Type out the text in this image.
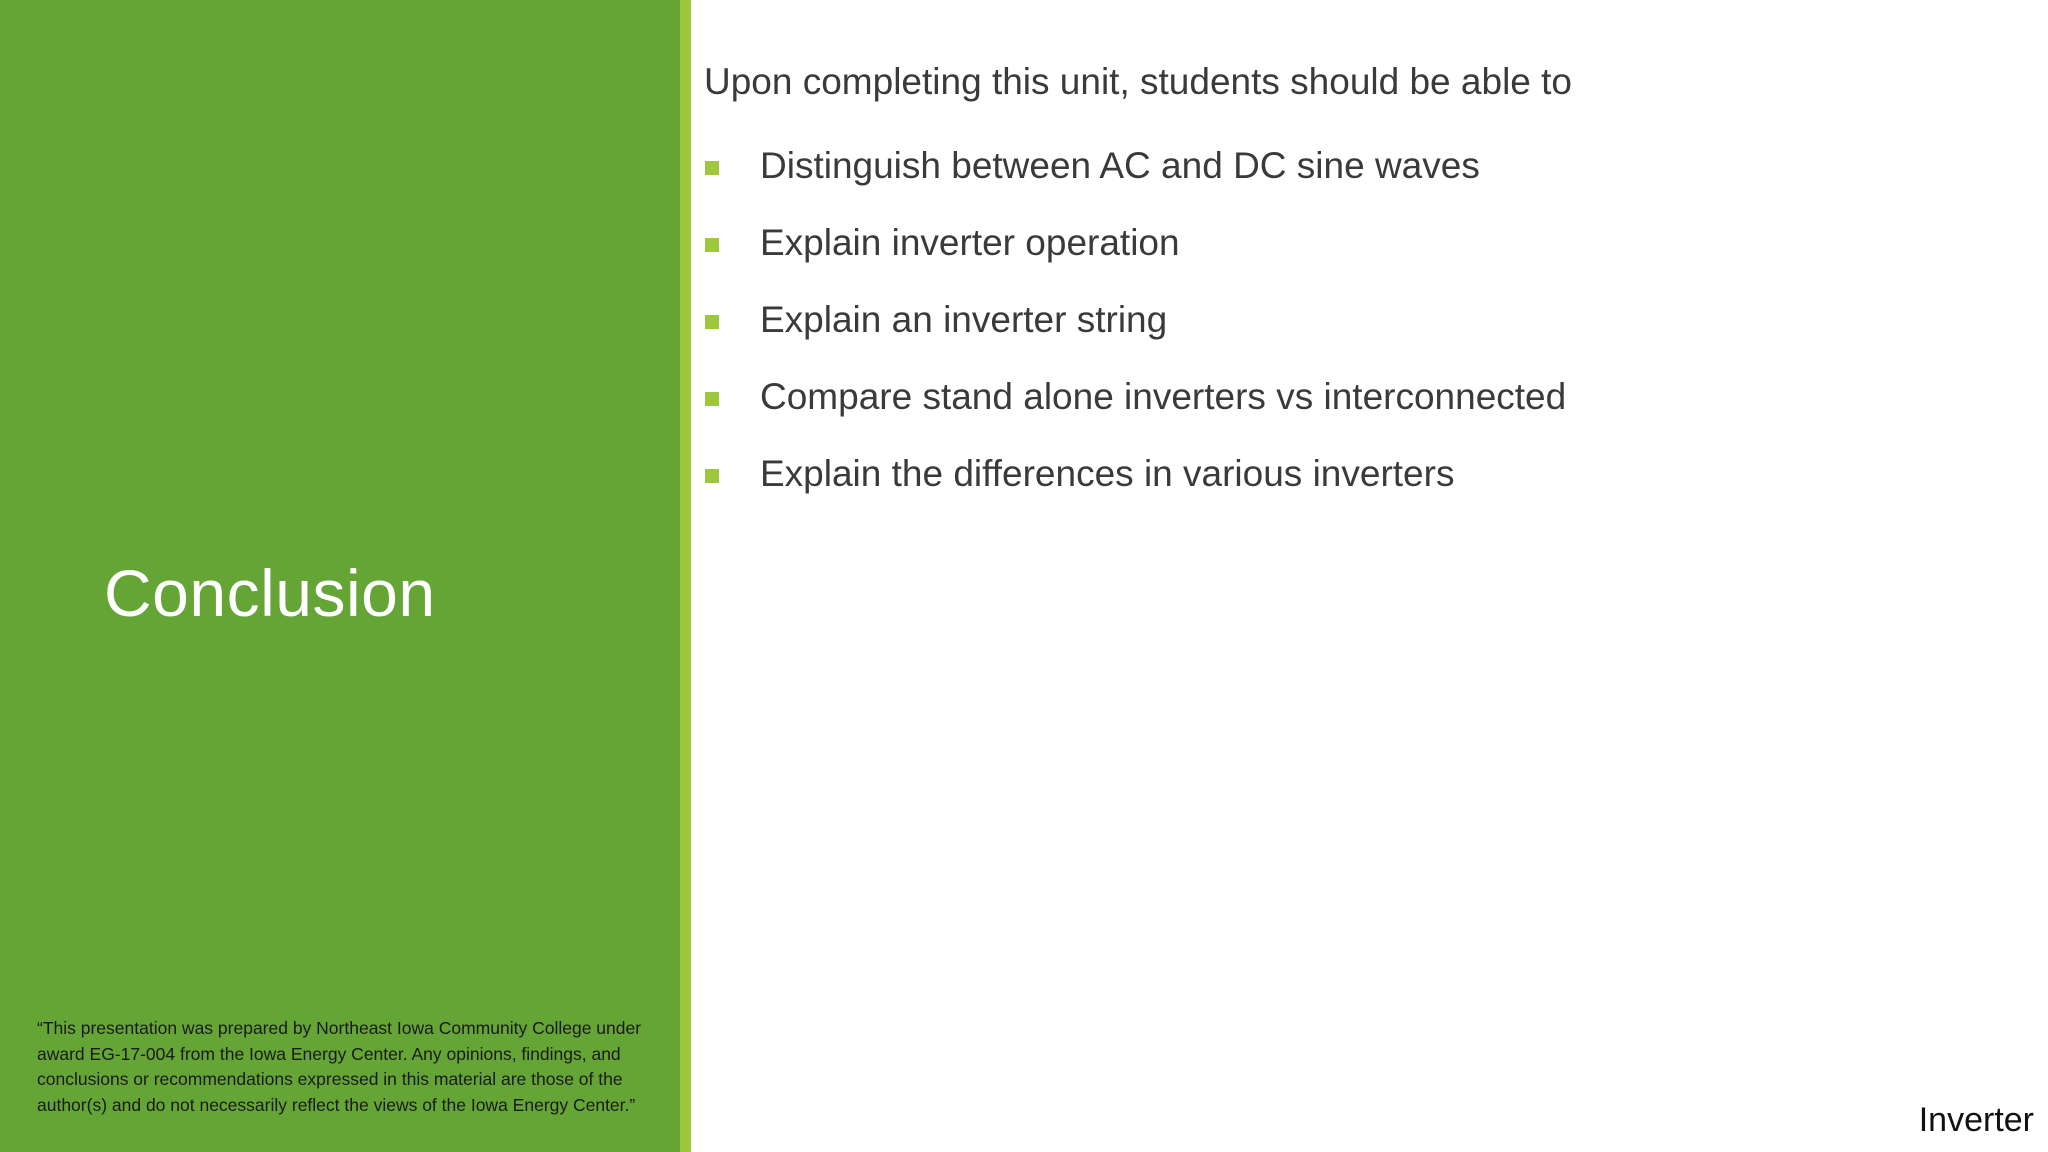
Conclusion

“This presentation was prepared by Northeast Iowa Community College under award EG-17-004 from the Iowa Energy Center. Any opinions, findings, and conclusions or recommendations expressed in this material are those of the author(s) and do not necessarily reflect the views of the Iowa Energy Center.”

Upon completing this unit, students should be able to

Distinguish between AC and DC sine waves
Explain inverter operation
Explain an inverter string
Compare stand alone inverters vs interconnected
Explain the differences in various inverters
Inverter
